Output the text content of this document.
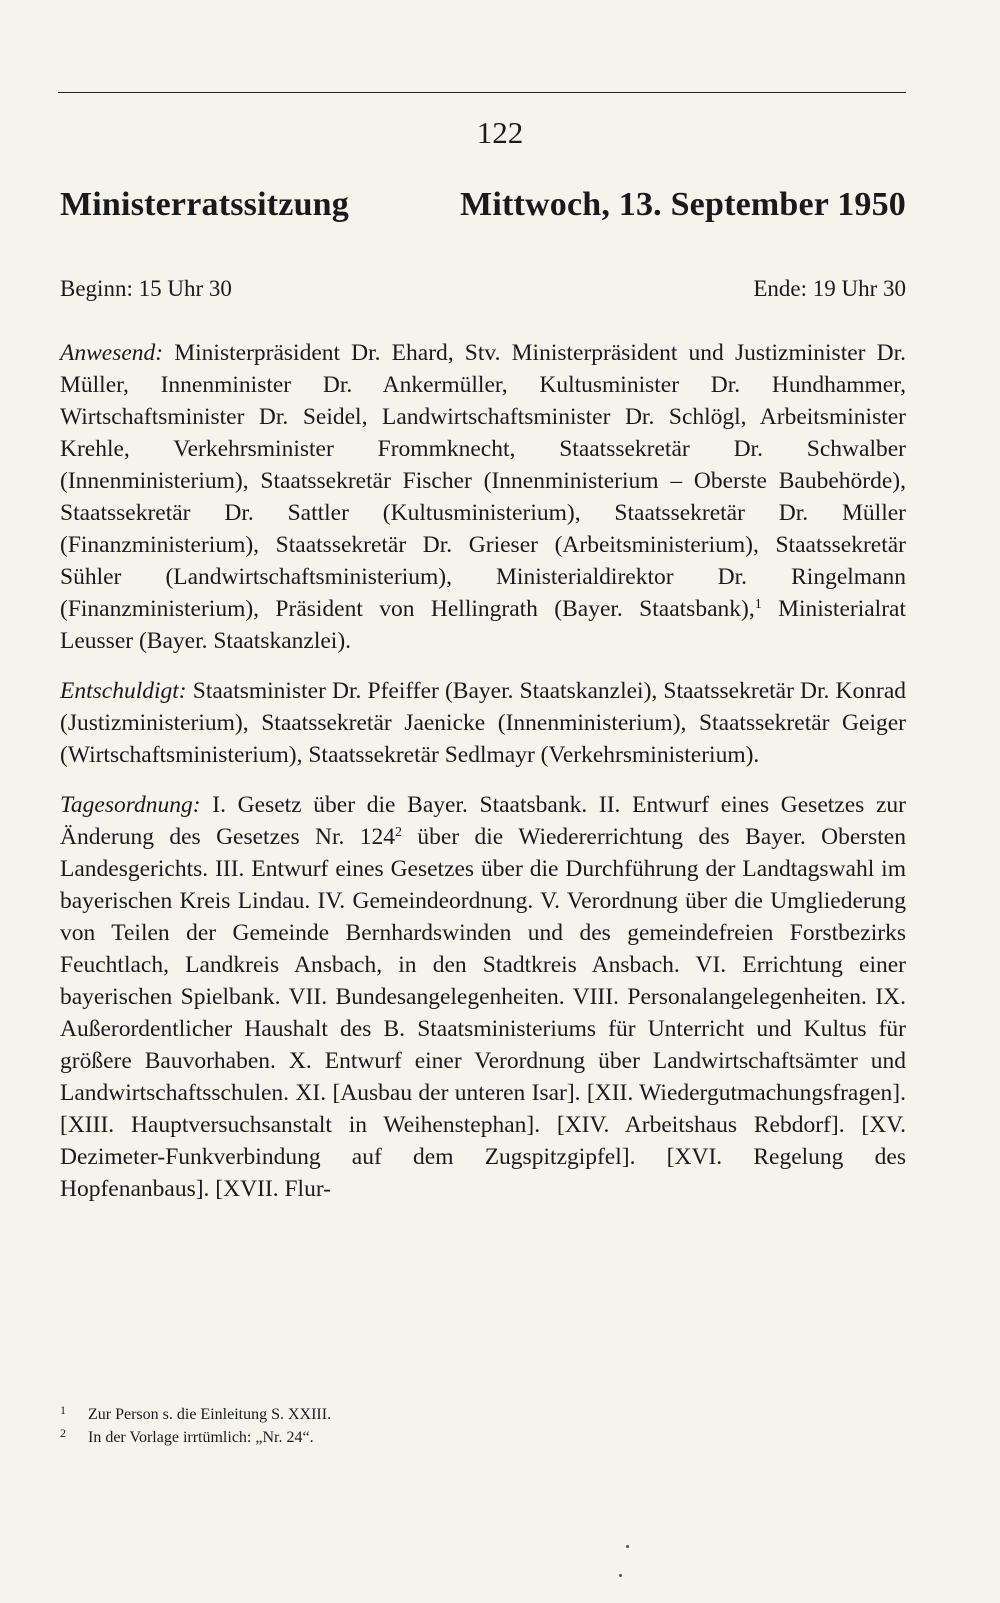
122
Ministerratssitzung	Mittwoch, 13. September 1950
Beginn: 15 Uhr 30	Ende: 19 Uhr 30

Anwesend: Ministerpräsident Dr. Ehard, Stv. Ministerpräsident und Justizminister Dr. Müller, Innenminister Dr. Ankermüller, Kultusminister Dr. Hundhammer, Wirtschaftsminister Dr. Seidel, Landwirtschaftsminister Dr. Schlögl, Arbeitsminister Krehle, Verkehrsminister Frommknecht, Staatssekretär Dr. Schwalber (Innenministerium), Staatssekretär Fischer (Innenministerium – Oberste Baubehörde), Staatssekretär Dr. Sattler (Kultusministerium), Staatssekretär Dr. Müller (Finanzministerium), Staatssekretär Dr. Grieser (Arbeitsministerium), Staatssekretär Sühler (Landwirtschaftsministerium), Ministerialdirektor Dr. Ringelmann (Finanzministerium), Präsident von Hellingrath (Bayer. Staatsbank),$^1$ Ministerialrat Leusser (Bayer. Staatskanzlei).

Entschuldigt: Staatsminister Dr. Pfeiffer (Bayer. Staatskanzlei), Staatssekretär Dr. Konrad (Justizministerium), Staatssekretär Jaenicke (Innenministerium), Staatssekretär Geiger (Wirtschaftsministerium), Staatssekretär Sedlmayr (Verkehrsministerium).

Tagesordnung: I. Gesetz über die Bayer. Staatsbank. II. Entwurf eines Gesetzes zur Änderung des Gesetzes Nr. $124^2$ über die Wiedererrichtung des Bayer. Obersten Landesgerichts. III. Entwurf eines Gesetzes über die Durchführung der Landtagswahl im bayerischen Kreis Lindau. IV. Gemeindeordnung. V. Verordnung über die Umgliederung von Teilen der Gemeinde Bernhardswinden und des gemeindefreien Forstbezirks Feuchtlach, Landkreis Ansbach, in den Stadtkreis Ansbach. VI. Errichtung einer bayerischen Spielbank. VII. Bundesangelegenheiten. VIII. Personalangelegenheiten. IX. Außerordentlicher Haushalt des B. Staatsministeriums für Unterricht und Kultus für größere Bauvorhaben. X. Entwurf einer Verordnung über Landwirtschaftsämter und Landwirtschaftsschulen. XI. [Ausbau der unteren Isar]. [XII. Wiedergutmachungsfragen]. [XIII. Hauptversuchsanstalt in Weihenstephan]. [XIV. Arbeitshaus Rebdorf]. [XV. Dezimeter-Funkverbindung auf dem Zugspitzgipfel]. [XVI. Regelung des Hopfenanbaus]. [XVII. Flur-

1	Zur Person s. die Einleitung S. XXIII.
2	In der Vorlage irrtümlich: „Nr. 24“.
